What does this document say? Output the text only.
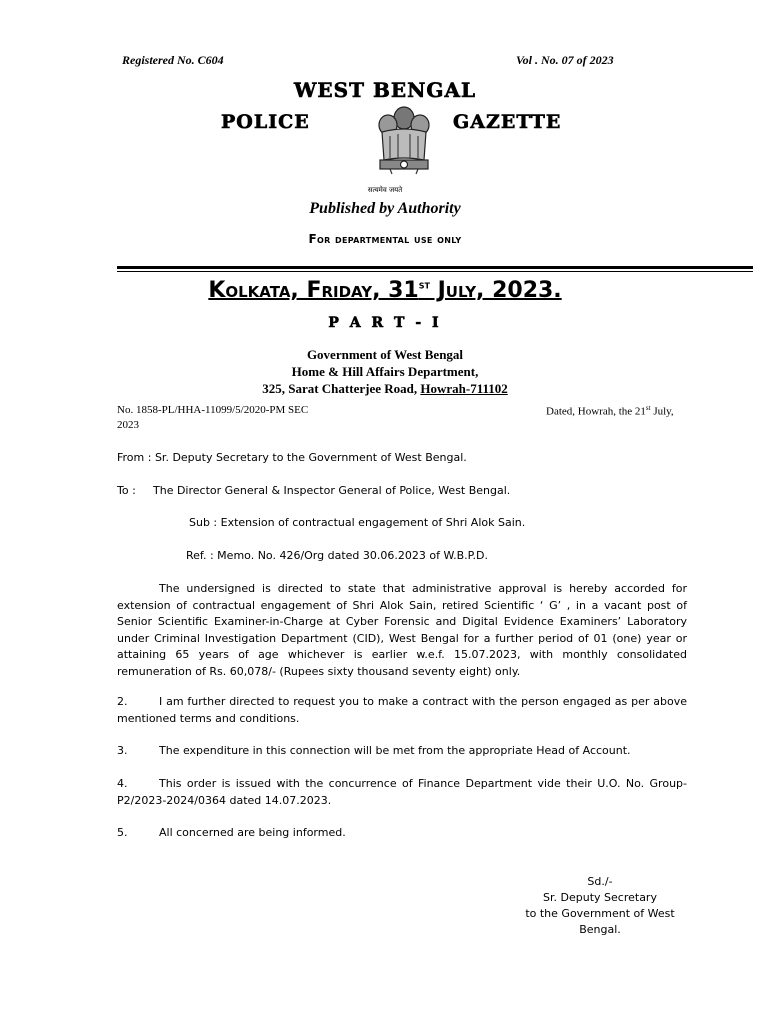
Registered No. C604	Vol . No. 07 of 2023
WEST BENGAL
POLICE	GAZETTE
सत्यमेव जयते
Published by Authority
For departmental use only
Kolkata, Friday, 31st July, 2023.
P A R T - I
Government of West Bengal
Home & Hill Affairs Department,
325, Sarat Chatterjee Road, Howrah-711102
No. 1858-PL/HHA-11099/5/2020-PM SEC
2023
Dated, Howrah, the 21st July,
From : Sr. Deputy Secretary to the Government of West Bengal.
To : The Director General & Inspector General of Police, West Bengal.
Sub : Extension of contractual engagement of Shri Alok Sain.
Ref. : Memo. No. 426/Org dated 30.06.2023 of W.B.P.D.
The undersigned is directed to state that administrative approval is hereby accorded for extension of contractual engagement of Shri Alok Sain, retired Scientific ‘ G’ , in a vacant post of Senior Scientific Examiner-in-Charge at Cyber Forensic and Digital Evidence Examiners’ Laboratory under Criminal Investigation Department (CID), West Bengal for a further period of 01 (one) year or attaining 65 years of age whichever is earlier w.e.f. 15.07.2023, with monthly consolidated remuneration of Rs. 60,078/- (Rupees sixty thousand seventy eight) only.
2.	I am further directed to request you to make a contract with the person engaged as per above mentioned terms and conditions.
3.	The expenditure in this connection will be met from the appropriate Head of Account.
4.	This order is issued with the concurrence of Finance Department vide their U.O. No. Group-P2/2023-2024/0364 dated 14.07.2023.
5.	All concerned are being informed.
Sd./-
Sr. Deputy Secretary
to the Government of West
Bengal.
